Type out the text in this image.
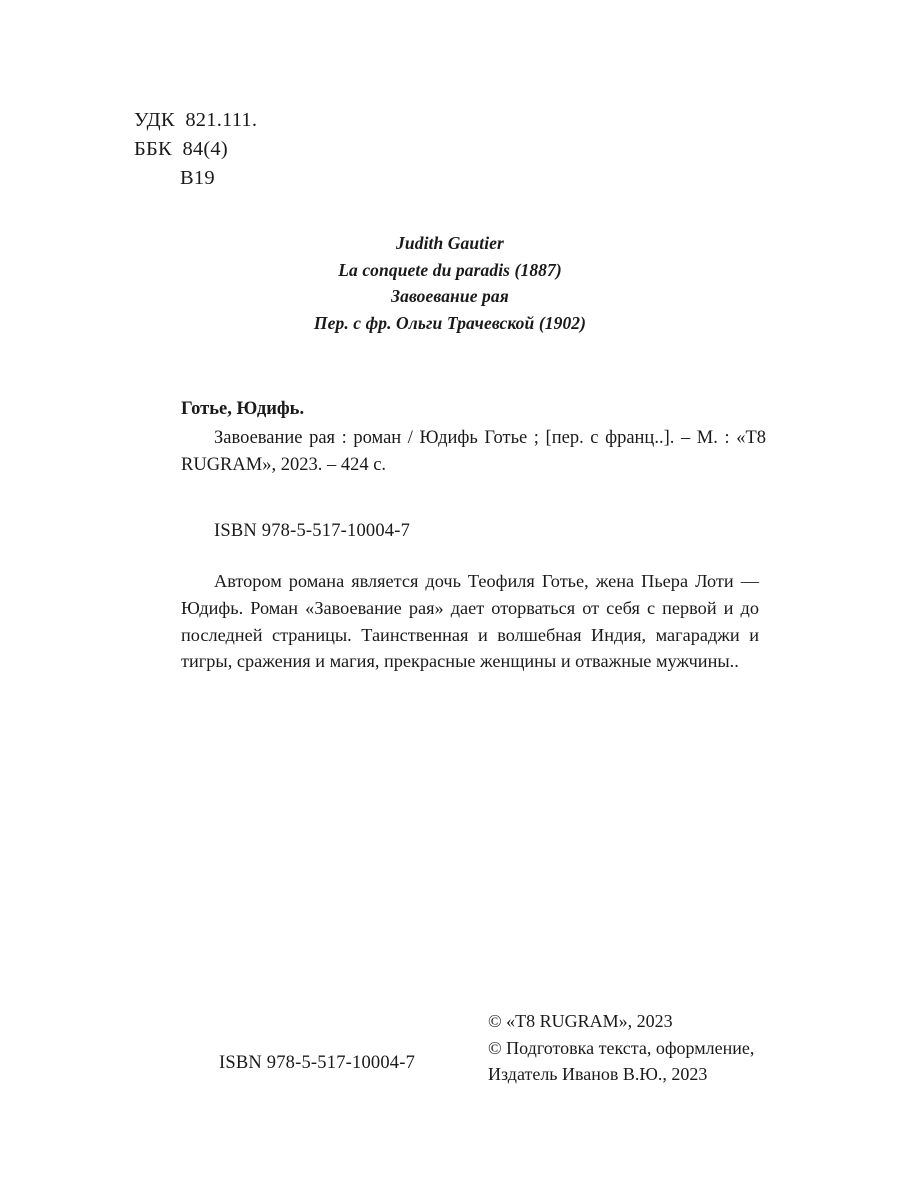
УДК  821.111.
ББК  84(4)
В19
Judith Gautier
La conquete du paradis (1887)
Завоевание рая
Пер. с фр. Ольги Трачевской (1902)
Готье, Юдифь.
Завоевание рая : роман / Юдифь Готье ; [пер. с франц..]. – М. : «T8 RUGRAM», 2023. – 424 с.
ISBN 978-5-517-10004-7
Автором романа является дочь Теофиля Готье, жена Пьера Лоти — Юдифь. Роман «Завоевание рая» дает оторваться от себя с первой и до последней страницы. Таинственная и волшебная Индия, магараджи и тигры, сражения и магия, прекрасные женщины и отважные мужчины..
ISBN 978-5-517-10004-7
© «T8 RUGRAM», 2023
© Подготовка текста, оформление,
Издатель Иванов В.Ю., 2023
